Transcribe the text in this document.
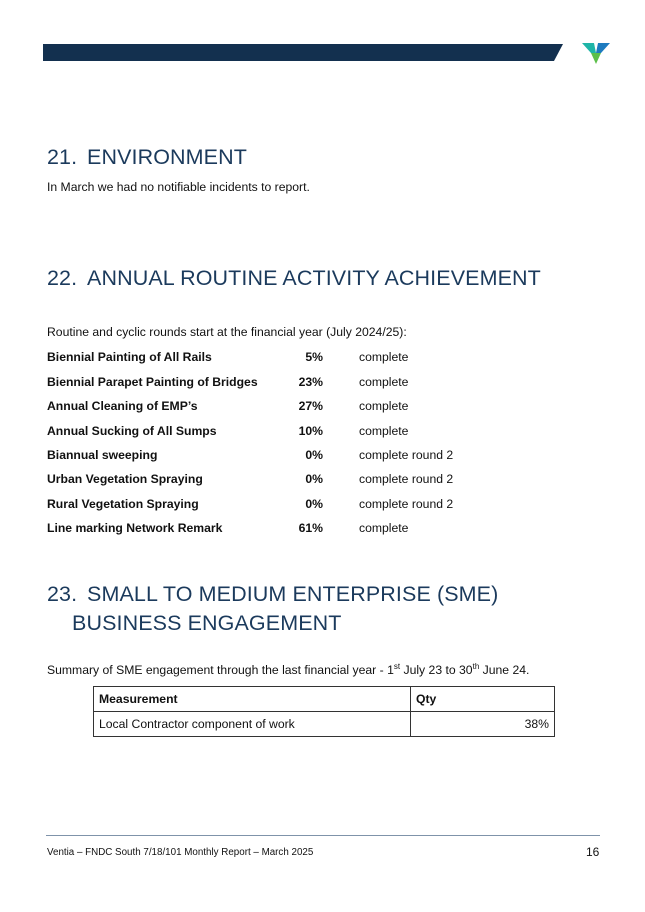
21. ENVIRONMENT
In March we had no notifiable incidents to report.
22. ANNUAL ROUTINE ACTIVITY ACHIEVEMENT
Routine and cyclic rounds start at the financial year (July 2024/25):
Biennial Painting of All Rails	5%	complete
Biennial Parapet Painting of Bridges	23%	complete
Annual Cleaning of EMP’s	27%	complete
Annual Sucking of All Sumps	10%	complete
Biannual sweeping	0%	complete round 2
Urban Vegetation Spraying	0%	complete round 2
Rural Vegetation Spraying	0%	complete round 2
Line marking Network Remark	61%	complete
23. SMALL TO MEDIUM ENTERPRISE (SME)
BUSINESS ENGAGEMENT
Summary of SME engagement through the last financial year - 1st July 23 to 30th June 24.
Measurement	Qty
Local Contractor component of work	38%
Ventia – FNDC South 7/18/101 Monthly Report – March 2025	16
